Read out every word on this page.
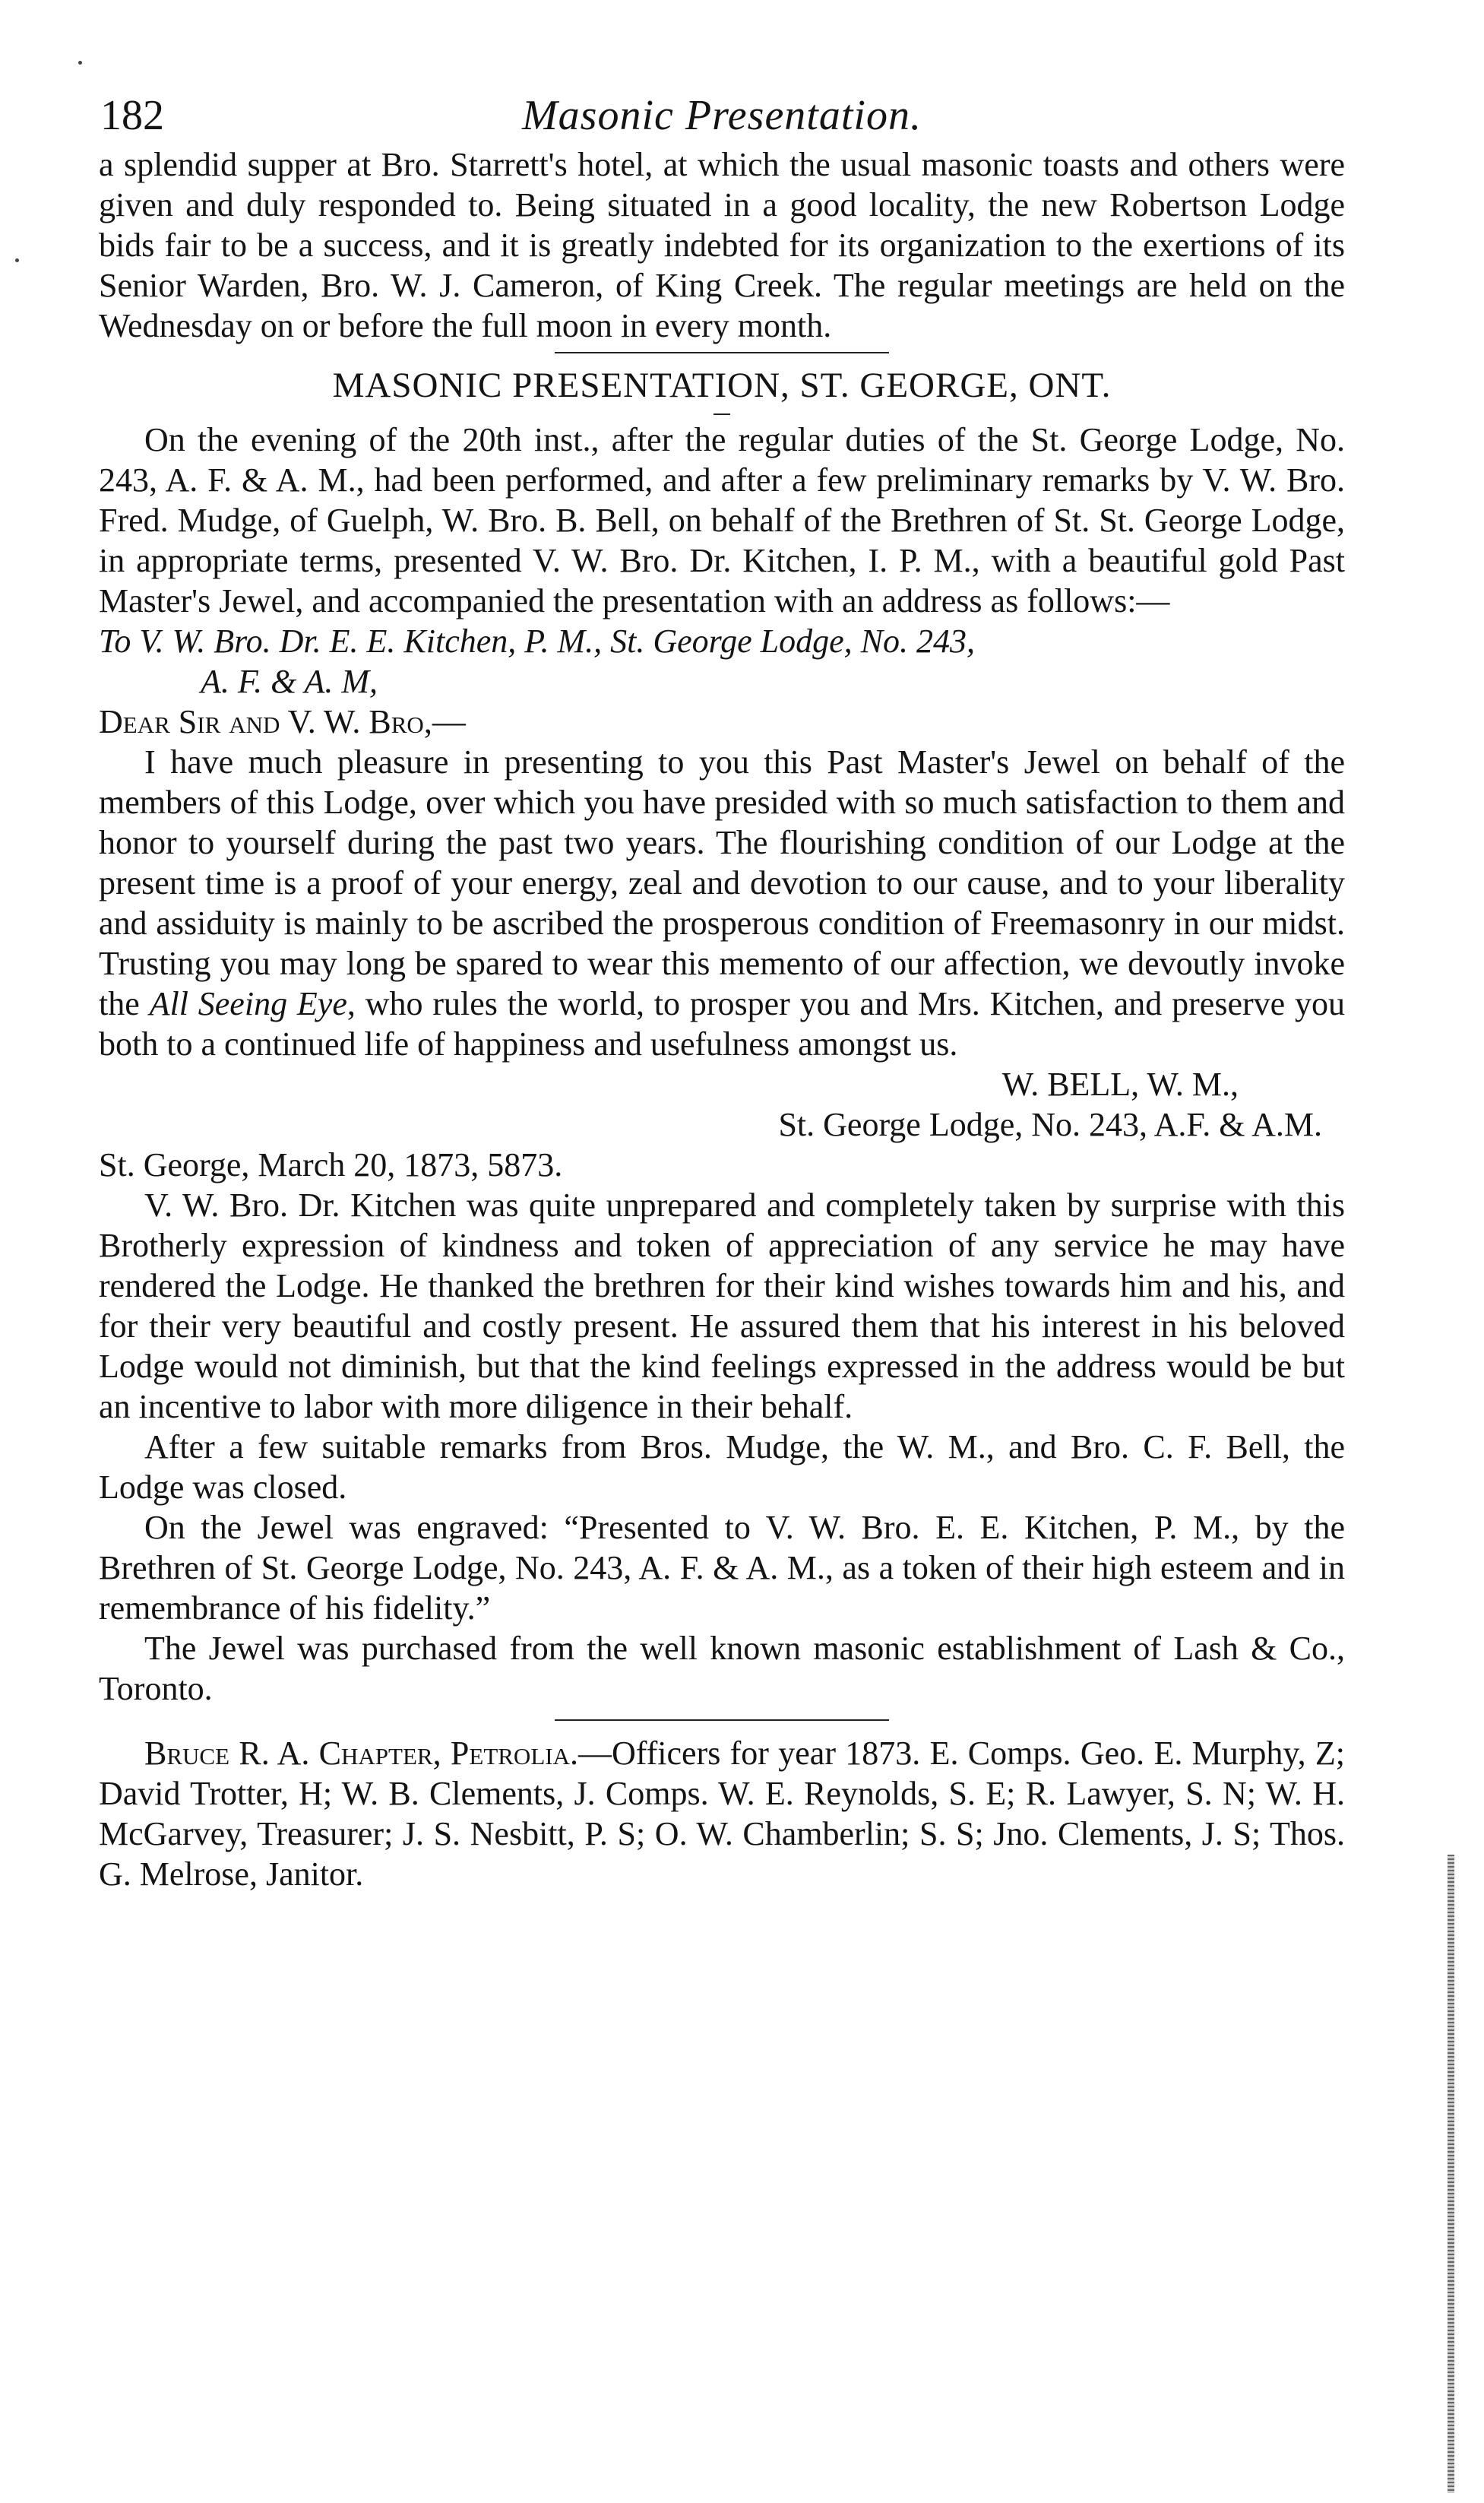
182	Masonic Presentation.

a splendid supper at Bro. Starrett's hotel, at which the usual masonic toasts and others were given and duly responded to. Being situated in a good locality, the new Robertson Lodge bids fair to be a success, and it is greatly indebted for its organization to the exertions of its Senior Warden, Bro. W. J. Cameron, of King Creek. The regular meetings are held on the Wednesday on or before the full moon in every month.

MASONIC PRESENTATION, ST. GEORGE, ONT.

On the evening of the 20th inst., after the regular duties of the St. George Lodge, No. 243, A. F. & A. M., had been performed, and after a few preliminary remarks by V. W. Bro. Fred. Mudge, of Guelph, W. Bro. B. Bell, on behalf of the Brethren of St. St. George Lodge, in appropriate terms, presented V. W. Bro. Dr. Kitchen, I. P. M., with a beautiful gold Past Master's Jewel, and accompanied the presentation with an address as follows:—

To V. W. Bro. Dr. E. E. Kitchen, P. M., St. George Lodge, No. 243,
A. F. & A. M,

Dear Sir and V. W. Bro,—

I have much pleasure in presenting to you this Past Master's Jewel on behalf of the members of this Lodge, over which you have presided with so much satisfaction to them and honor to yourself during the past two years. The flourishing condition of our Lodge at the present time is a proof of your energy, zeal and devotion to our cause, and to your liberality and assiduity is mainly to be ascribed the prosperous condition of Freemasonry in our midst. Trusting you may long be spared to wear this memento of our affection, we devoutly invoke the All Seeing Eye, who rules the world, to prosper you and Mrs. Kitchen, and preserve you both to a continued life of happiness and usefulness amongst us.

W. BELL, W. M.,

St. George Lodge, No. 243, A.F. & A.M.

St. George, March 20, 1873, 5873.

V. W. Bro. Dr. Kitchen was quite unprepared and completely taken by surprise with this Brotherly expression of kindness and token of appreciation of any service he may have rendered the Lodge. He thanked the brethren for their kind wishes towards him and his, and for their very beautiful and costly present. He assured them that his interest in his beloved Lodge would not diminish, but that the kind feelings expressed in the address would be but an incentive to labor with more diligence in their behalf.

After a few suitable remarks from Bros. Mudge, the W. M., and Bro. C. F. Bell, the Lodge was closed.

On the Jewel was engraved: “Presented to V. W. Bro. E. E. Kitchen, P. M., by the Brethren of St. George Lodge, No. 243, A. F. & A. M., as a token of their high esteem and in remembrance of his fidelity.”

The Jewel was purchased from the well known masonic establishment of Lash & Co., Toronto.

Bruce R. A. Chapter, Petrolia.—Officers for year 1873. E. Comps. Geo. E. Murphy, Z; David Trotter, H; W. B. Clements, J. Comps. W. E. Reynolds, S. E; R. Lawyer, S. N; W. H. McGarvey, Treasurer; J. S. Nesbitt, P. S; O. W. Chamberlin; S. S; Jno. Clements, J. S; Thos. G. Melrose, Janitor.
